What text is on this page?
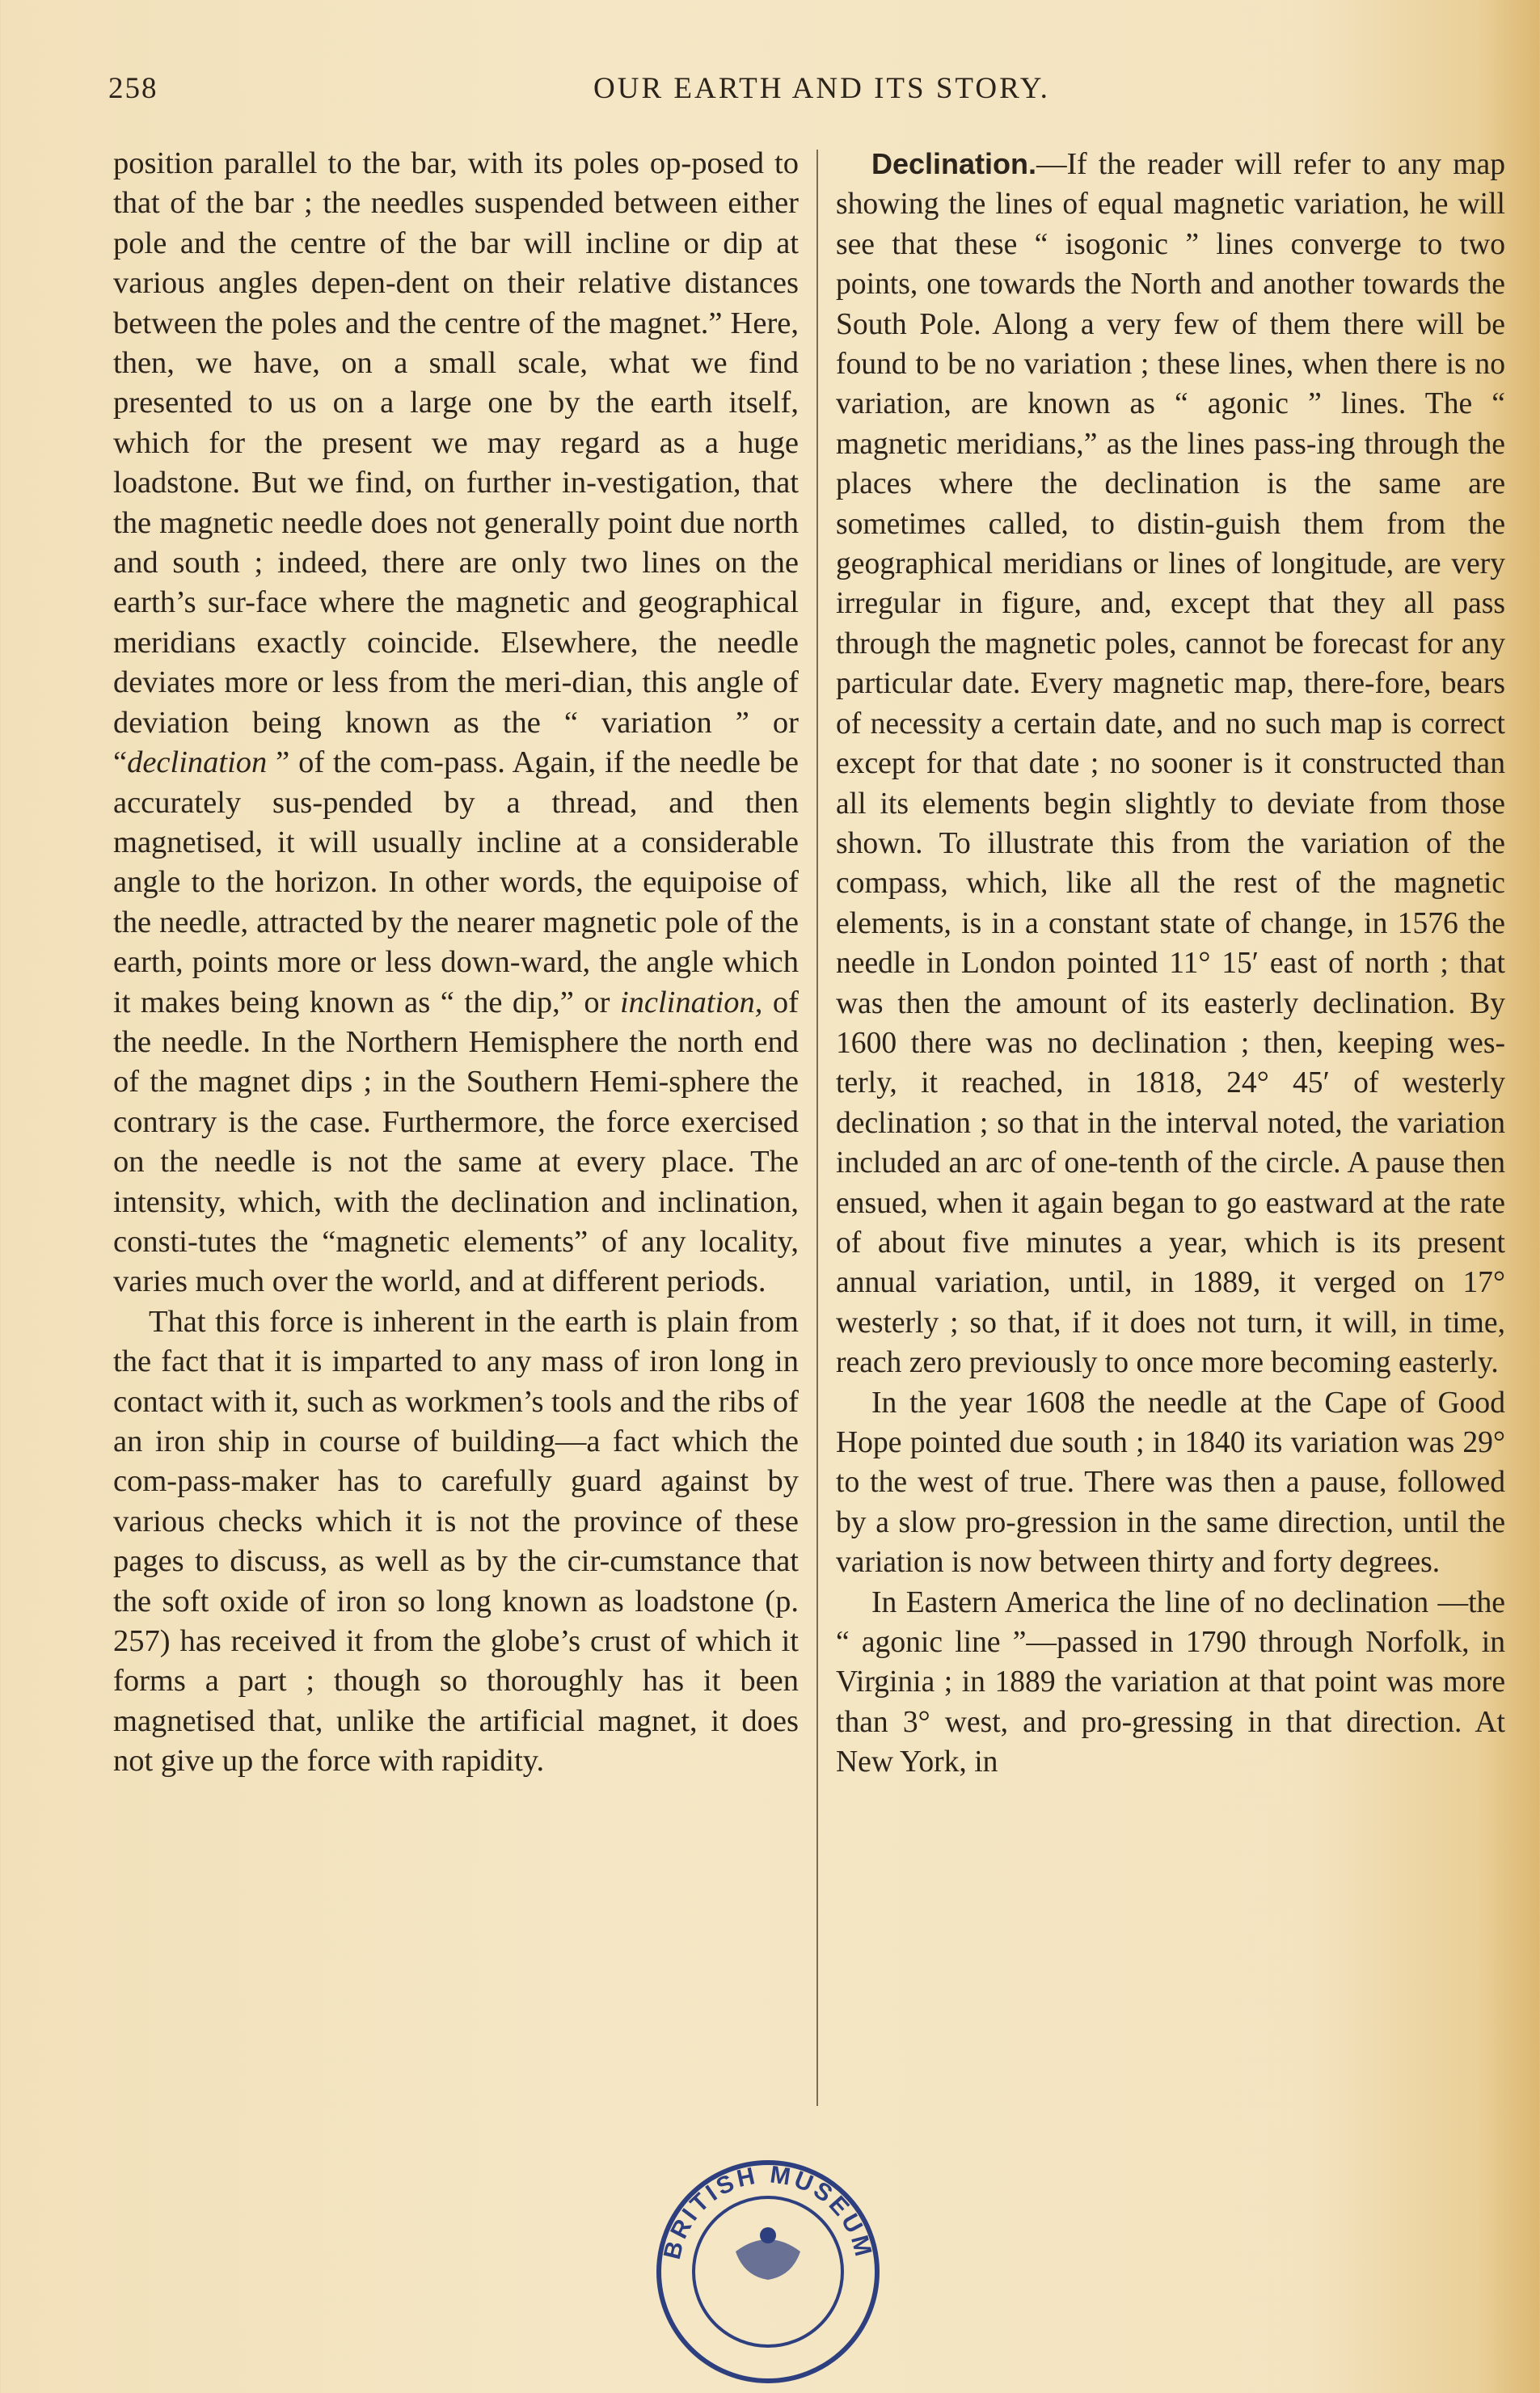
258	OUR EARTH AND ITS STORY.

position parallel to the bar, with its poles op-posed to that of the bar ; the needles suspended between either pole and the centre of the bar will incline or dip at various angles depen-dent on their relative distances between the poles and the centre of the magnet.” Here, then, we have, on a small scale, what we find presented to us on a large one by the earth itself, which for the present we may regard as a huge loadstone. But we find, on further in-vestigation, that the magnetic needle does not generally point due north and south ; indeed, there are only two lines on the earth’s sur-face where the magnetic and geographical meridians exactly coincide. Elsewhere, the needle deviates more or less from the meri-dian, this angle of deviation being known as the “ variation ” or “declination ” of the com-pass. Again, if the needle be accurately sus-pended by a thread, and then magnetised, it will usually incline at a considerable angle to the horizon. In other words, the equipoise of the needle, attracted by the nearer magnetic pole of the earth, points more or less down-ward, the angle which it makes being known as “ the dip,” or inclination, of the needle. In the Northern Hemisphere the north end of the magnet dips ; in the Southern Hemi-sphere the contrary is the case. Furthermore, the force exercised on the needle is not the same at every place. The intensity, which, with the declination and inclination, consti-tutes the “magnetic elements” of any locality, varies much over the world, and at different periods.

That this force is inherent in the earth is plain from the fact that it is imparted to any mass of iron long in contact with it, such as workmen’s tools and the ribs of an iron ship in course of building—a fact which the com-pass-maker has to carefully guard against by various checks which it is not the province of these pages to discuss, as well as by the cir-cumstance that the soft oxide of iron so long known as loadstone (p. 257) has received it from the globe’s crust of which it forms a part ; though so thoroughly has it been magnetised that, unlike the artificial magnet, it does not give up the force with rapidity.

Declination.—If the reader will refer to any map showing the lines of equal magnetic variation, he will see that these “ isogonic ” lines converge to two points, one towards the North and another towards the South Pole. Along a very few of them there will be found to be no variation ; these lines, when there is no variation, are known as “ agonic ” lines. The “ magnetic meridians,” as the lines pass-ing through the places where the declination is the same are sometimes called, to distin-guish them from the geographical meridians or lines of longitude, are very irregular in figure, and, except that they all pass through the magnetic poles, cannot be forecast for any particular date. Every magnetic map, there-fore, bears of necessity a certain date, and no such map is correct except for that date ; no sooner is it constructed than all its elements begin slightly to deviate from those shown. To illustrate this from the variation of the compass, which, like all the rest of the magnetic elements, is in a constant state of change, in 1576 the needle in London pointed 11° 15′ east of north ; that was then the amount of its easterly declination. By 1600 there was no declination ; then, keeping wes-terly, it reached, in 1818, 24° 45′ of westerly declination ; so that in the interval noted, the variation included an arc of one-tenth of the circle. A pause then ensued, when it again began to go eastward at the rate of about five minutes a year, which is its present annual variation, until, in 1889, it verged on 17° westerly ; so that, if it does not turn, it will, in time, reach zero previously to once more becoming easterly.

In the year 1608 the needle at the Cape of Good Hope pointed due south ; in 1840 its variation was 29° to the west of true. There was then a pause, followed by a slow pro-gression in the same direction, until the variation is now between thirty and forty degrees.

In Eastern America the line of no declination —the “ agonic line ”—passed in 1790 through Norfolk, in Virginia ; in 1889 the variation at that point was more than 3° west, and pro-gressing in that direction. At New York, in

BRITISH MUSEUM
